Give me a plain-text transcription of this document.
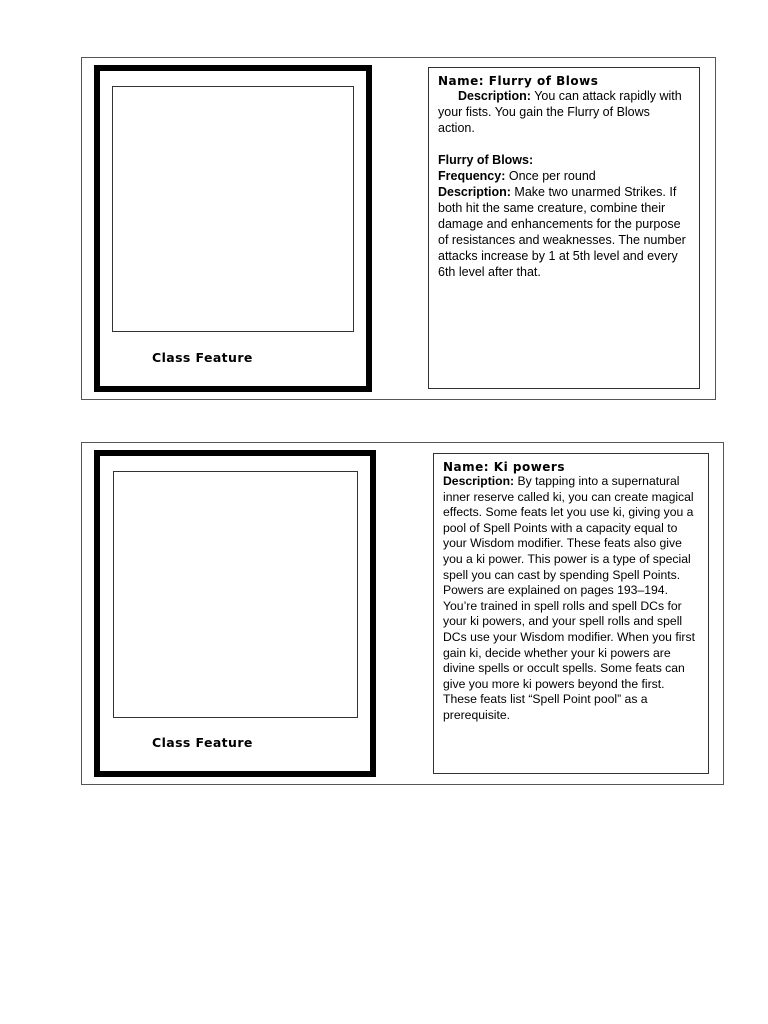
Class Feature
Name: Flurry of Blows
Description: You can attack rapidly with your fists. You gain the Flurry of Blows action.
Flurry of Blows:
Frequency: Once per round
Description: Make two unarmed Strikes. If both hit the same creature, combine their damage and enhancements for the purpose of resistances and weaknesses. The number attacks increase by 1 at 5th level and every 6th level after that.
Class Feature
Name: Ki powers
Description: By tapping into a supernatural inner reserve called ki, you can create magical effects. Some feats let you use ki, giving you a pool of Spell Points with a capacity equal to your Wisdom modifier. These feats also give you a ki power. This power is a type of special spell you can cast by spending Spell Points. Powers are explained on pages 193–194. You’re trained in spell rolls and spell DCs for your ki powers, and your spell rolls and spell DCs use your Wisdom modifier. When you first gain ki, decide whether your ki powers are divine spells or occult spells. Some feats can give you more ki powers beyond the first. These feats list “Spell Point pool” as a prerequisite.
